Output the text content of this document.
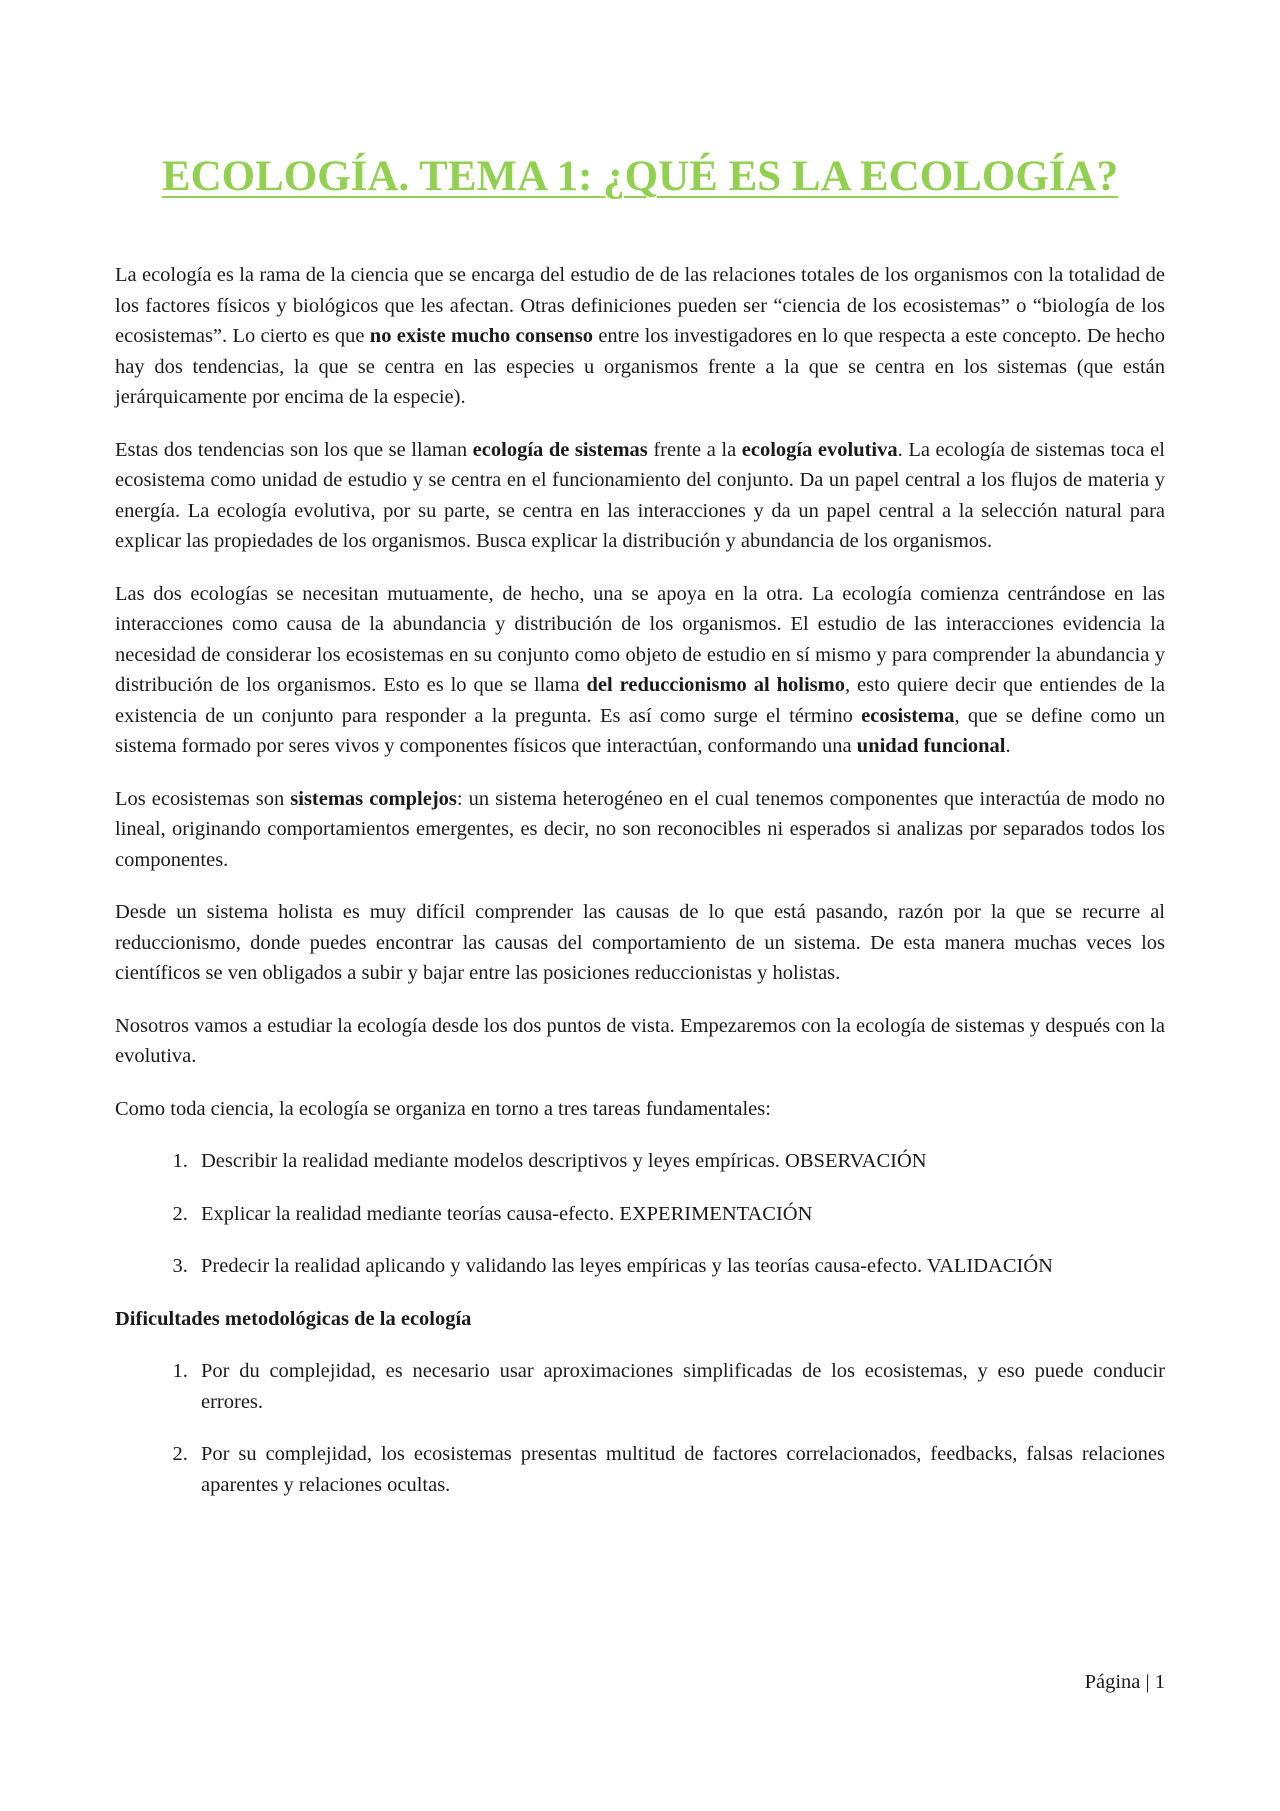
ECOLOGÍA. TEMA 1: ¿QUÉ ES LA ECOLOGÍA?

La ecología es la rama de la ciencia que se encarga del estudio de de las relaciones totales de los organismos con la totalidad de los factores físicos y biológicos que les afectan. Otras definiciones pueden ser “ciencia de los ecosistemas” o “biología de los ecosistemas”. Lo cierto es que no existe mucho consenso entre los investigadores en lo que respecta a este concepto. De hecho hay dos tendencias, la que se centra en las especies u organismos frente a la que se centra en los sistemas (que están jerárquicamente por encima de la especie).

Estas dos tendencias son los que se llaman ecología de sistemas frente a la ecología evolutiva. La ecología de sistemas toca el ecosistema como unidad de estudio y se centra en el funcionamiento del conjunto. Da un papel central a los flujos de materia y energía. La ecología evolutiva, por su parte, se centra en las interacciones y da un papel central a la selección natural para explicar las propiedades de los organismos. Busca explicar la distribución y abundancia de los organismos.

Las dos ecologías se necesitan mutuamente, de hecho, una se apoya en la otra. La ecología comienza centrándose en las interacciones como causa de la abundancia y distribución de los organismos. El estudio de las interacciones evidencia la necesidad de considerar los ecosistemas en su conjunto como objeto de estudio en sí mismo y para comprender la abundancia y distribución de los organismos. Esto es lo que se llama del reduccionismo al holismo, esto quiere decir que entiendes de la existencia de un conjunto para responder a la pregunta. Es así como surge el término ecosistema, que se define como un sistema formado por seres vivos y componentes físicos que interactúan, conformando una unidad funcional.

Los ecosistemas son sistemas complejos: un sistema heterogéneo en el cual tenemos componentes que interactúa de modo no lineal, originando comportamientos emergentes, es decir, no son reconocibles ni esperados si analizas por separados todos los componentes.

Desde un sistema holista es muy difícil comprender las causas de lo que está pasando, razón por la que se recurre al reduccionismo, donde puedes encontrar las causas del comportamiento de un sistema. De esta manera muchas veces los científicos se ven obligados a subir y bajar entre las posiciones reduccionistas y holistas.

Nosotros vamos a estudiar la ecología desde los dos puntos de vista. Empezaremos con la ecología de sistemas y después con la evolutiva.

Como toda ciencia, la ecología se organiza en torno a tres tareas fundamentales:

1. Describir la realidad mediante modelos descriptivos y leyes empíricas. OBSERVACIÓN
2. Explicar la realidad mediante teorías causa-efecto. EXPERIMENTACIÓN
3. Predecir la realidad aplicando y validando las leyes empíricas y las teorías causa-efecto. VALIDACIÓN
Dificultades metodológicas de la ecología
1. Por du complejidad, es necesario usar aproximaciones simplificadas de los ecosistemas, y eso puede conducir errores.
2. Por su complejidad, los ecosistemas presentas multitud de factores correlacionados, feedbacks, falsas relaciones aparentes y relaciones ocultas.
Página | 1
